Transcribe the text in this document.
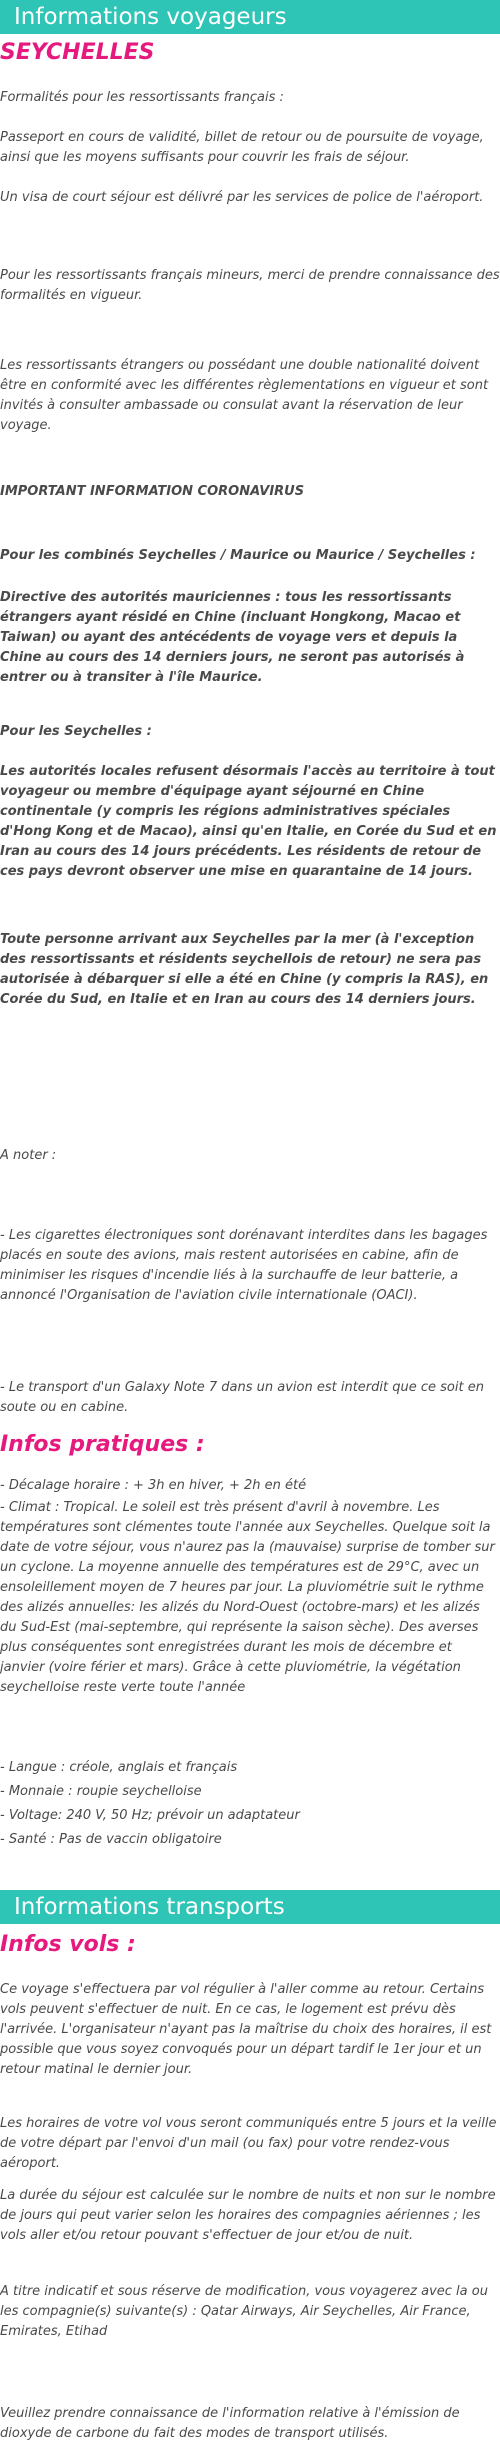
Informations voyageurs
SEYCHELLES

Formalités pour les ressortissants français :

Passeport en cours de validité, billet de retour ou de poursuite de voyage, ainsi que les moyens suffisants pour couvrir les frais de séjour.

Un visa de court séjour est délivré par les services de police de l'aéroport.

Pour les ressortissants français mineurs, merci de prendre connaissance des formalités en vigueur.

Les ressortissants étrangers ou possédant une double nationalité doivent être en conformité avec les différentes règlementations en vigueur et sont invités à consulter ambassade ou consulat avant la réservation de leur voyage.

IMPORTANT INFORMATION CORONAVIRUS

Pour les combinés Seychelles / Maurice ou Maurice / Seychelles :

Directive des autorités mauriciennes : tous les ressortissants étrangers ayant résidé en Chine (incluant Hongkong, Macao et Taiwan) ou ayant des antécédents de voyage vers et depuis la Chine au cours des 14 derniers jours, ne seront pas autorisés à entrer ou à transiter à l'île Maurice.

Pour les Seychelles :

Les autorités locales refusent désormais l'accès au territoire à tout voyageur ou membre d'équipage ayant séjourné en Chine continentale (y compris les régions administratives spéciales d'Hong Kong et de Macao), ainsi qu'en Italie, en Corée du Sud et en Iran au cours des 14 jours précédents. Les résidents de retour de ces pays devront observer une mise en quarantaine de 14 jours.

Toute personne arrivant aux Seychelles par la mer (à l'exception des ressortissants et résidents seychellois de retour) ne sera pas autorisée à débarquer si elle a été en Chine (y compris la RAS), en Corée du Sud, en Italie et en Iran au cours des 14 derniers jours.

A noter :

- Les cigarettes électroniques sont dorénavant interdites dans les bagages placés en soute des avions, mais restent autorisées en cabine, afin de minimiser les risques d'incendie liés à la surchauffe de leur batterie, a annoncé l'Organisation de l'aviation civile internationale (OACI).

- Le transport d'un Galaxy Note 7 dans un avion est interdit que ce soit en soute ou en cabine.

Infos pratiques :

- Décalage horaire : + 3h en hiver, + 2h en été

- Climat : Tropical. Le soleil est très présent d'avril à novembre. Les températures sont clémentes toute l'année aux Seychelles. Quelque soit la date de votre séjour, vous n'aurez pas la (mauvaise) surprise de tomber sur un cyclone. La moyenne annuelle des températures est de 29°C, avec un ensoleillement moyen de 7 heures par jour. La pluviométrie suit le rythme des alizés annuelles: les alizés du Nord-Ouest (octobre-mars) et les alizés du Sud-Est (mai-septembre, qui représente la saison sèche). Des averses plus conséquentes sont enregistrées durant les mois de décembre et janvier (voire férier et mars). Grâce à cette pluviométrie, la végétation seychelloise reste verte toute l'année

- Langue : créole, anglais et français

- Monnaie : roupie seychelloise

- Voltage: 240 V, 50 Hz; prévoir un adaptateur

- Santé : Pas de vaccin obligatoire

Informations transports
Infos vols :

Ce voyage s'effectuera par vol régulier à l'aller comme au retour. Certains vols peuvent s'effectuer de nuit. En ce cas, le logement est prévu dès l'arrivée. L'organisateur n'ayant pas la maîtrise du choix des horaires, il est possible que vous soyez convoqués pour un départ tardif le 1er jour et un retour matinal le dernier jour.

Les horaires de votre vol vous seront communiqués entre 5 jours et la veille de votre départ par l'envoi d'un mail (ou fax) pour votre rendez-vous aéroport.

La durée du séjour est calculée sur le nombre de nuits et non sur le nombre de jours qui peut varier selon les horaires des compagnies aériennes ; les vols aller et/ou retour pouvant s'effectuer de jour et/ou de nuit.

A titre indicatif et sous réserve de modification, vous voyagerez avec la ou les compagnie(s) suivante(s) : Qatar Airways, Air Seychelles, Air France, Emirates, Etihad

Veuillez prendre connaissance de l'information relative à l'émission de dioxyde de carbone du fait des modes de transport utilisés.
